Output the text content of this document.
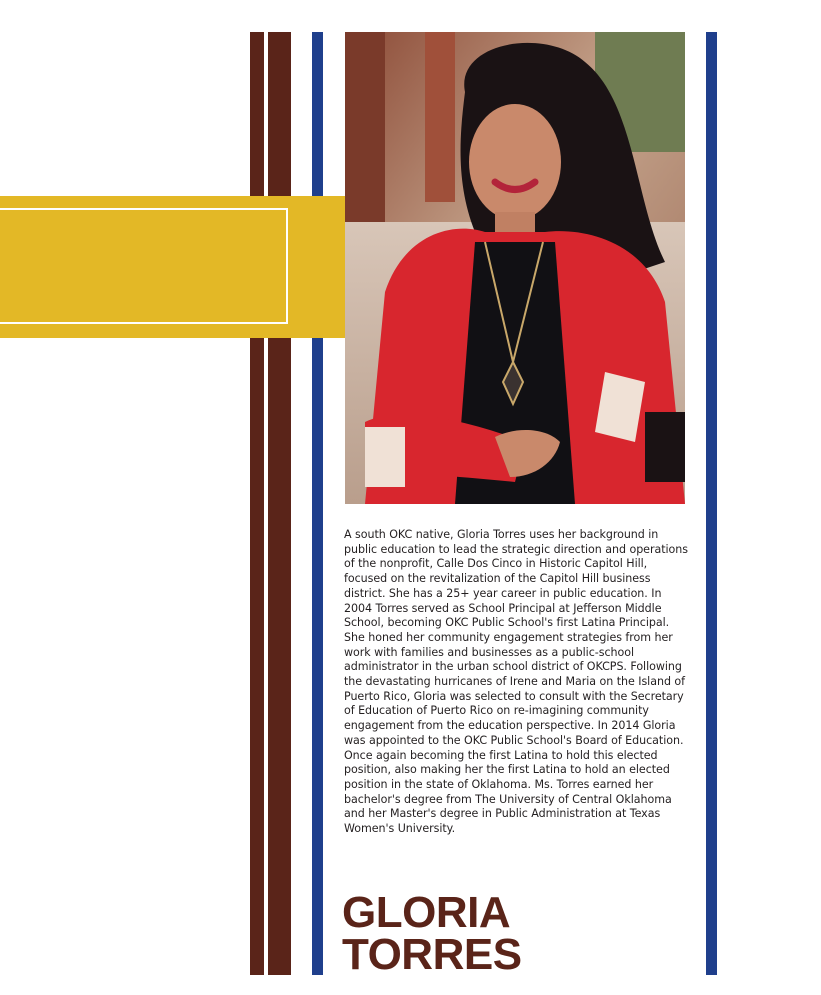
A south OKC native, Gloria Torres uses her background in public education to lead the strategic direction and operations of the nonprofit, Calle Dos Cinco in Historic Capitol Hill, focused on the revitalization of the Capitol Hill business district. She has a 25+ year career in public education. In 2004 Torres served as School Principal at Jefferson Middle School, becoming OKC Public School's first Latina Principal. She honed her community engagement strategies from her work with families and businesses as a public-school administrator in the urban school district of OKCPS. Following the devastating hurricanes of Irene and Maria on the Island of Puerto Rico, Gloria was selected to consult with the Secretary of Education of Puerto Rico on re-imagining community engagement from the education perspective. In 2014 Gloria was appointed to the OKC Public School's Board of Education. Once again becoming the first Latina to hold this elected position, also making her the first Latina to hold an elected position in the state of Oklahoma. Ms. Torres earned her bachelor's degree from The University of Central Oklahoma and her Master's degree in Public Administration at Texas Women's University.

GLORIA
TORRES
